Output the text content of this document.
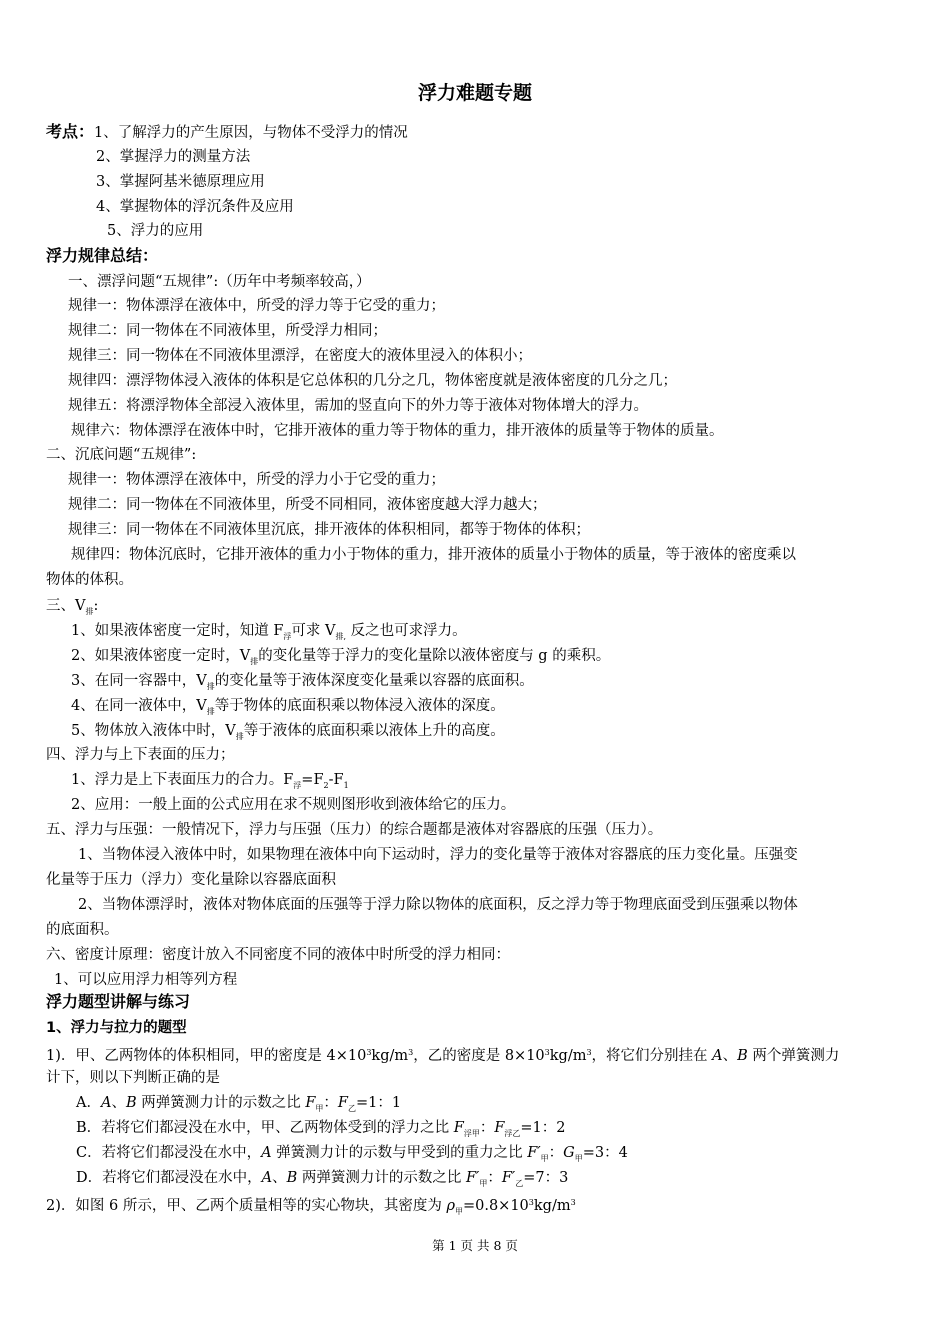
浮力难题专题
考点：1、了解浮力的产生原因，与物体不受浮力的情况
2、掌握浮力的测量方法
3、掌握阿基米德原理应用
4、掌握物体的浮沉条件及应用
5、浮力的应用
浮力规律总结：
一、漂浮问题“五规律”:（历年中考频率较高，）
规律一：物体漂浮在液体中，所受的浮力等于它受的重力；
规律二：同一物体在不同液体里，所受浮力相同；
规律三：同一物体在不同液体里漂浮，在密度大的液体里浸入的体积小；
规律四：漂浮物体浸入液体的体积是它总体积的几分之几，物体密度就是液体密度的几分之几；
规律五：将漂浮物体全部浸入液体里，需加的竖直向下的外力等于液体对物体增大的浮力。
规律六：物体漂浮在液体中时，它排开液体的重力等于物体的重力，排开液体的质量等于物体的质量。
二、沉底问题“五规律”:
规律一：物体漂浮在液体中，所受的浮力小于它受的重力；
规律二：同一物体在不同液体里，所受不同相同，液体密度越大浮力越大；
规律三：同一物体在不同液体里沉底，排开液体的体积相同，都等于物体的体积；
规律四：物体沉底时，它排开液体的重力小于物体的重力，排开液体的质量小于物体的质量，等于液体的密度乘以
物体的体积。
三、$V_排$:
1、如果液体密度一定时，知道 $F_浮$可求 $V_{排,}$ 反之也可求浮力。
2、如果液体密度一定时，$V_排$的变化量等于浮力的变化量除以液体密度与 g 的乘积。
3、在同一容器中，$V_排$的变化量等于液体深度变化量乘以容器的底面积。
4、在同一液体中，$V_排$等于物体的底面积乘以物体浸入液体的深度。
5、物体放入液体中时，$V_排$等于液体的底面积乘以液体上升的高度。
四、浮力与上下表面的压力；
1、浮力是上下表面压力的合力。$F_浮=F_2-F_1$
2、应用：一般上面的公式应用在求不规则图形收到液体给它的压力。
五、浮力与压强：一般情况下，浮力与压强（压力）的综合题都是液体对容器底的压强（压力）。
1、当物体浸入液体中时，如果物理在液体中向下运动时，浮力的变化量等于液体对容器底的压力变化量。压强变
化量等于压力（浮力）变化量除以容器底面积
2、当物体漂浮时，液体对物体底面的压强等于浮力除以物体的底面积，反之浮力等于物理底面受到压强乘以物体
的底面积。
六、密度计原理：密度计放入不同密度不同的液体中时所受的浮力相同：
1、可以应用浮力相等列方程
浮力题型讲解与练习
1、浮力与拉力的题型
1)．甲、乙两物体的体积相同，甲的密度是 $4\times 10^3kg/m^3$，乙的密度是 $8\times 10^3kg/m^3$，将它们分别挂在 A、B 两个弹簧测力
计下，则以下判断正确的是
A．A、B 两弹簧测力计的示数之比 $F_甲$：$F_乙=1$：1
B．若将它们都浸没在水中，甲、乙两物体受到的浮力之比 $F_{浮甲}$：$F_{浮乙}=1$：2
C．若将它们都浸没在水中，A 弹簧测力计的示数与甲受到的重力之比 $F'_甲$：$G_甲=3$：4
D．若将它们都浸没在水中，A、B 两弹簧测力计的示数之比 $F'_甲$：$F'_乙=7$：3
2)．如图 6 所示，甲、乙两个质量相等的实心物块，其密度为 $\rho_甲=0.8\times 10^3kg/m^3$
第 1 页 共 8 页
